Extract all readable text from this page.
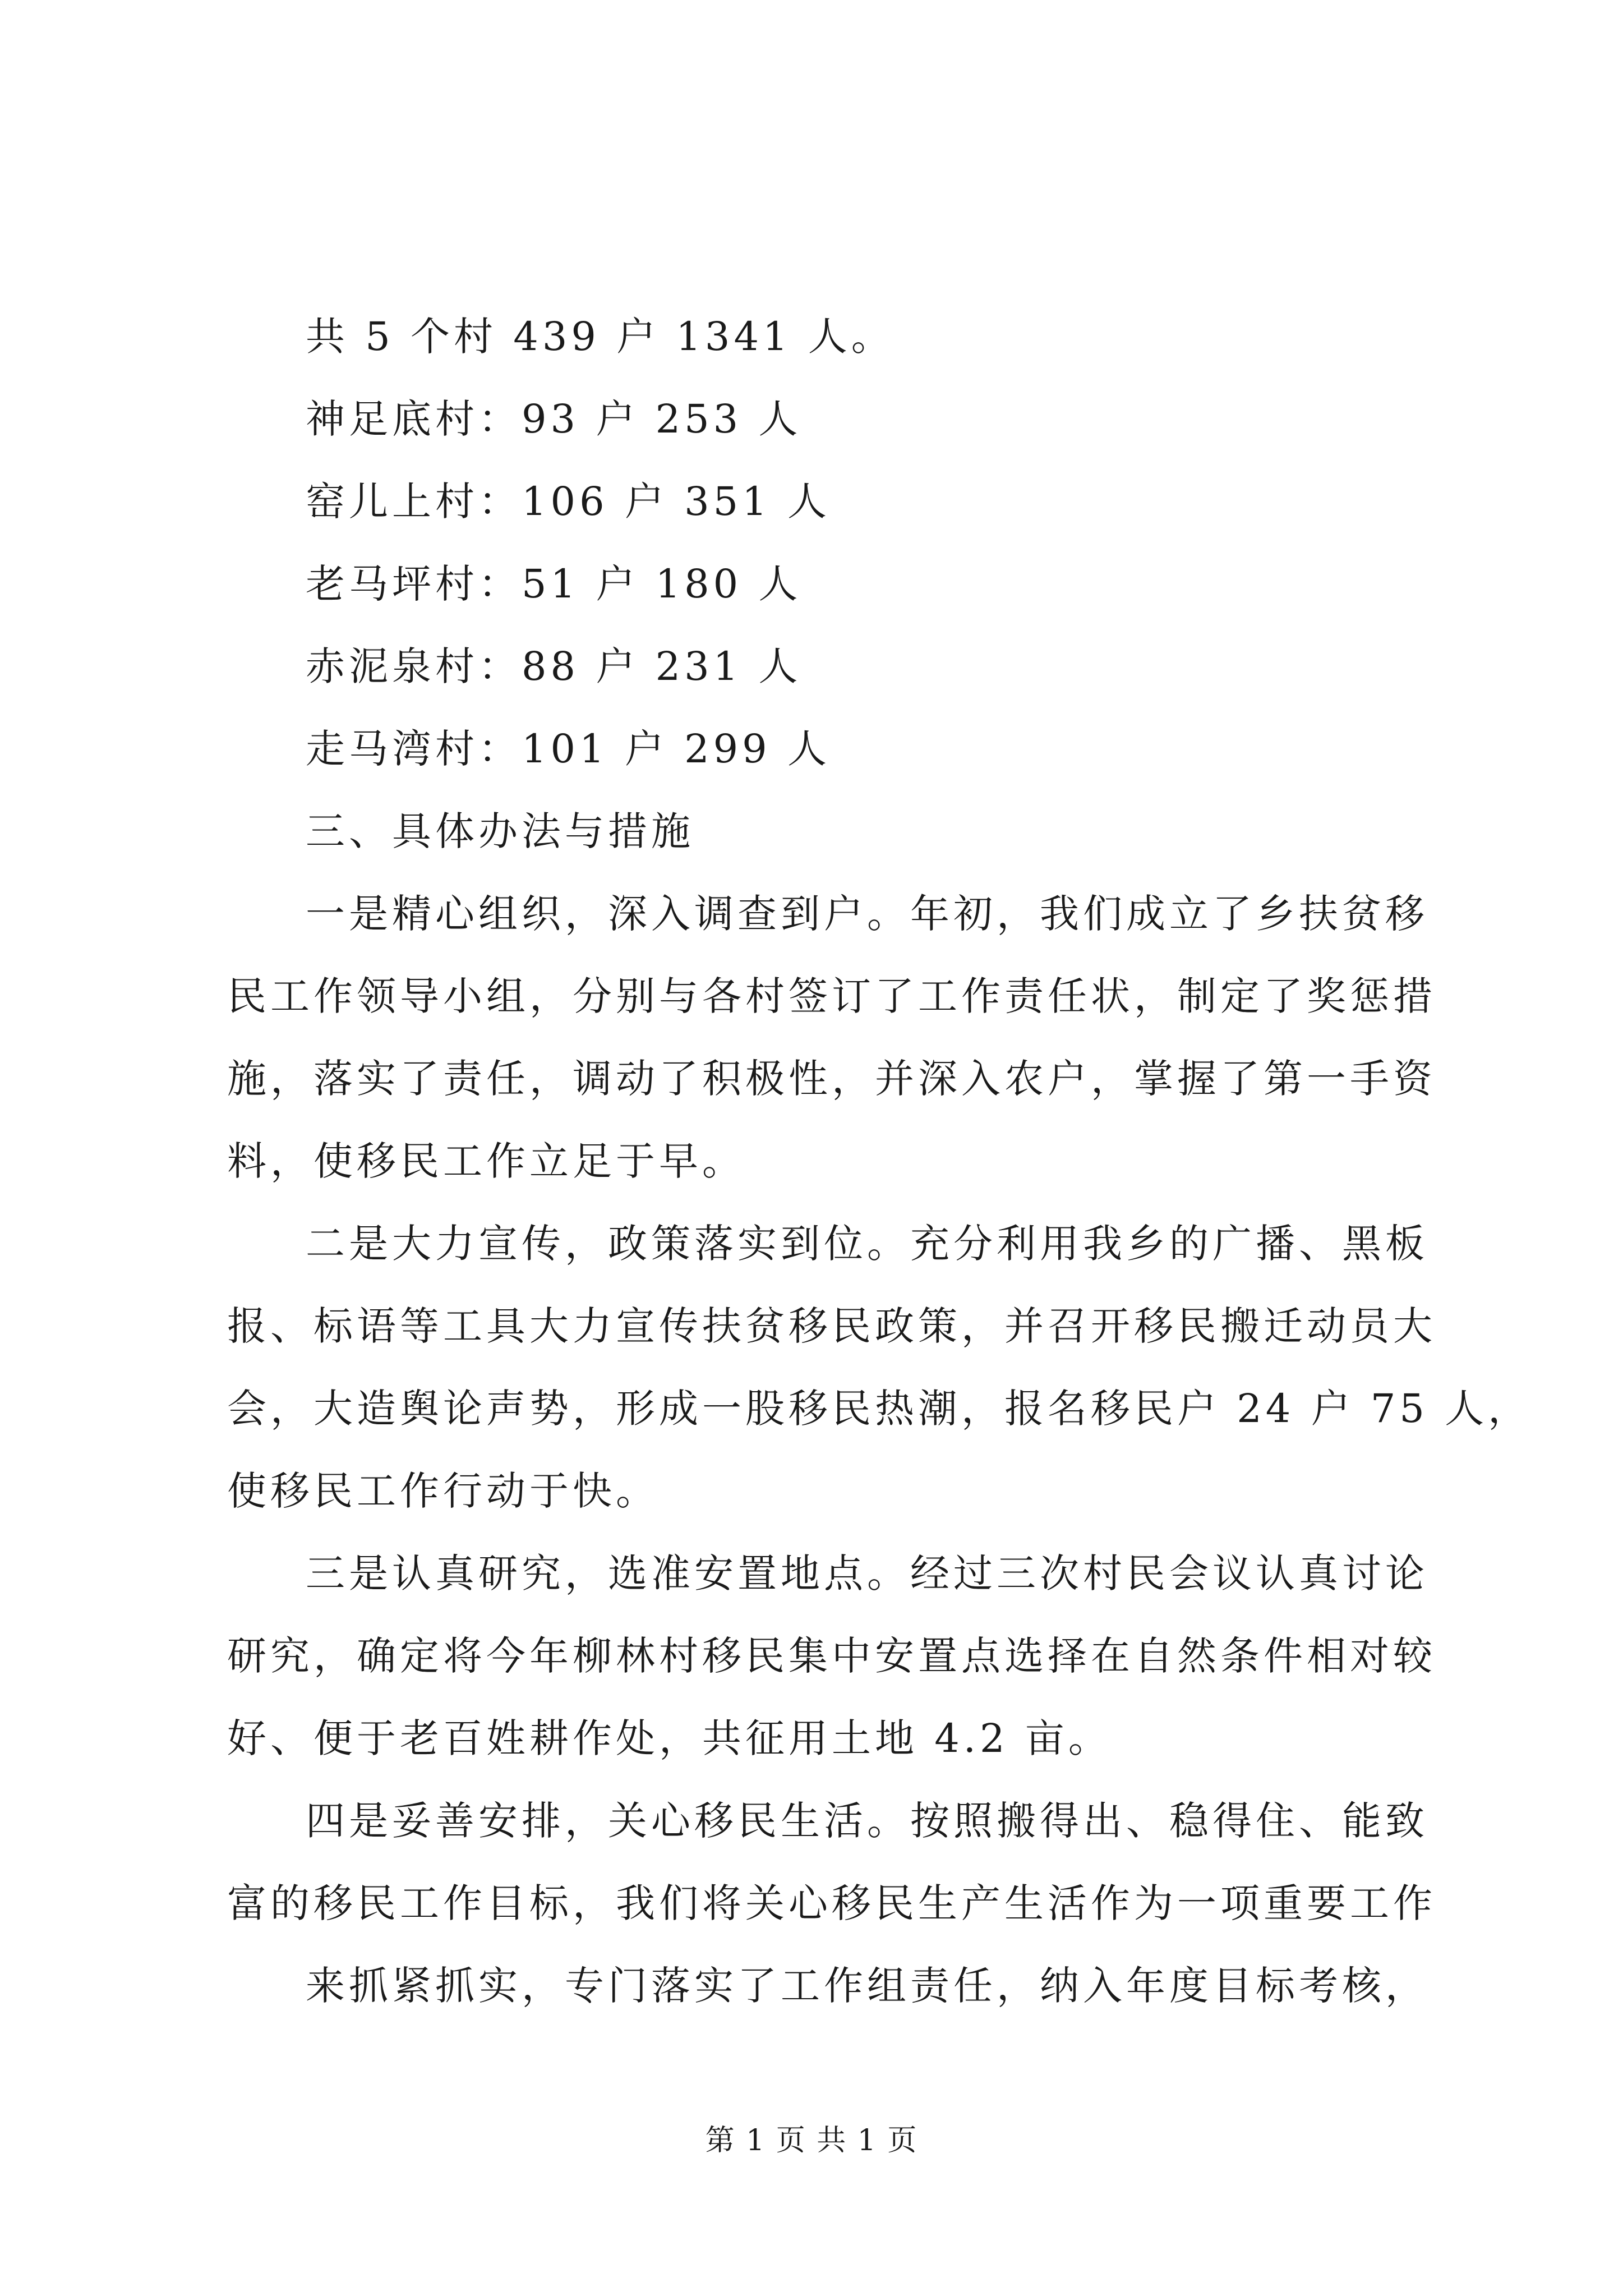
共 5 个村 439 户 1341 人。
神足底村：93 户 253 人
窑儿上村：106 户 351 人
老马坪村：51 户 180 人
赤泥泉村：88 户 231 人
走马湾村：101 户 299 人
三、具体办法与措施
一是精心组织，深入调查到户。年初，我们成立了乡扶贫移
民工作领导小组，分别与各村签订了工作责任状，制定了奖惩措
施，落实了责任，调动了积极性，并深入农户，掌握了第一手资
料，使移民工作立足于早。
二是大力宣传，政策落实到位。充分利用我乡的广播、黑板
报、标语等工具大力宣传扶贫移民政策，并召开移民搬迁动员大
会，大造舆论声势，形成一股移民热潮，报名移民户 24 户 75 人，
使移民工作行动于快。
三是认真研究，选准安置地点。经过三次村民会议认真讨论
研究，确定将今年柳林村移民集中安置点选择在自然条件相对较
好、便于老百姓耕作处，共征用土地 4.2 亩。
四是妥善安排，关心移民生活。按照搬得出、稳得住、能致
富的移民工作目标，我们将关心移民生产生活作为一项重要工作
来抓紧抓实，专门落实了工作组责任，纳入年度目标考核，
第 1 页 共 1 页
